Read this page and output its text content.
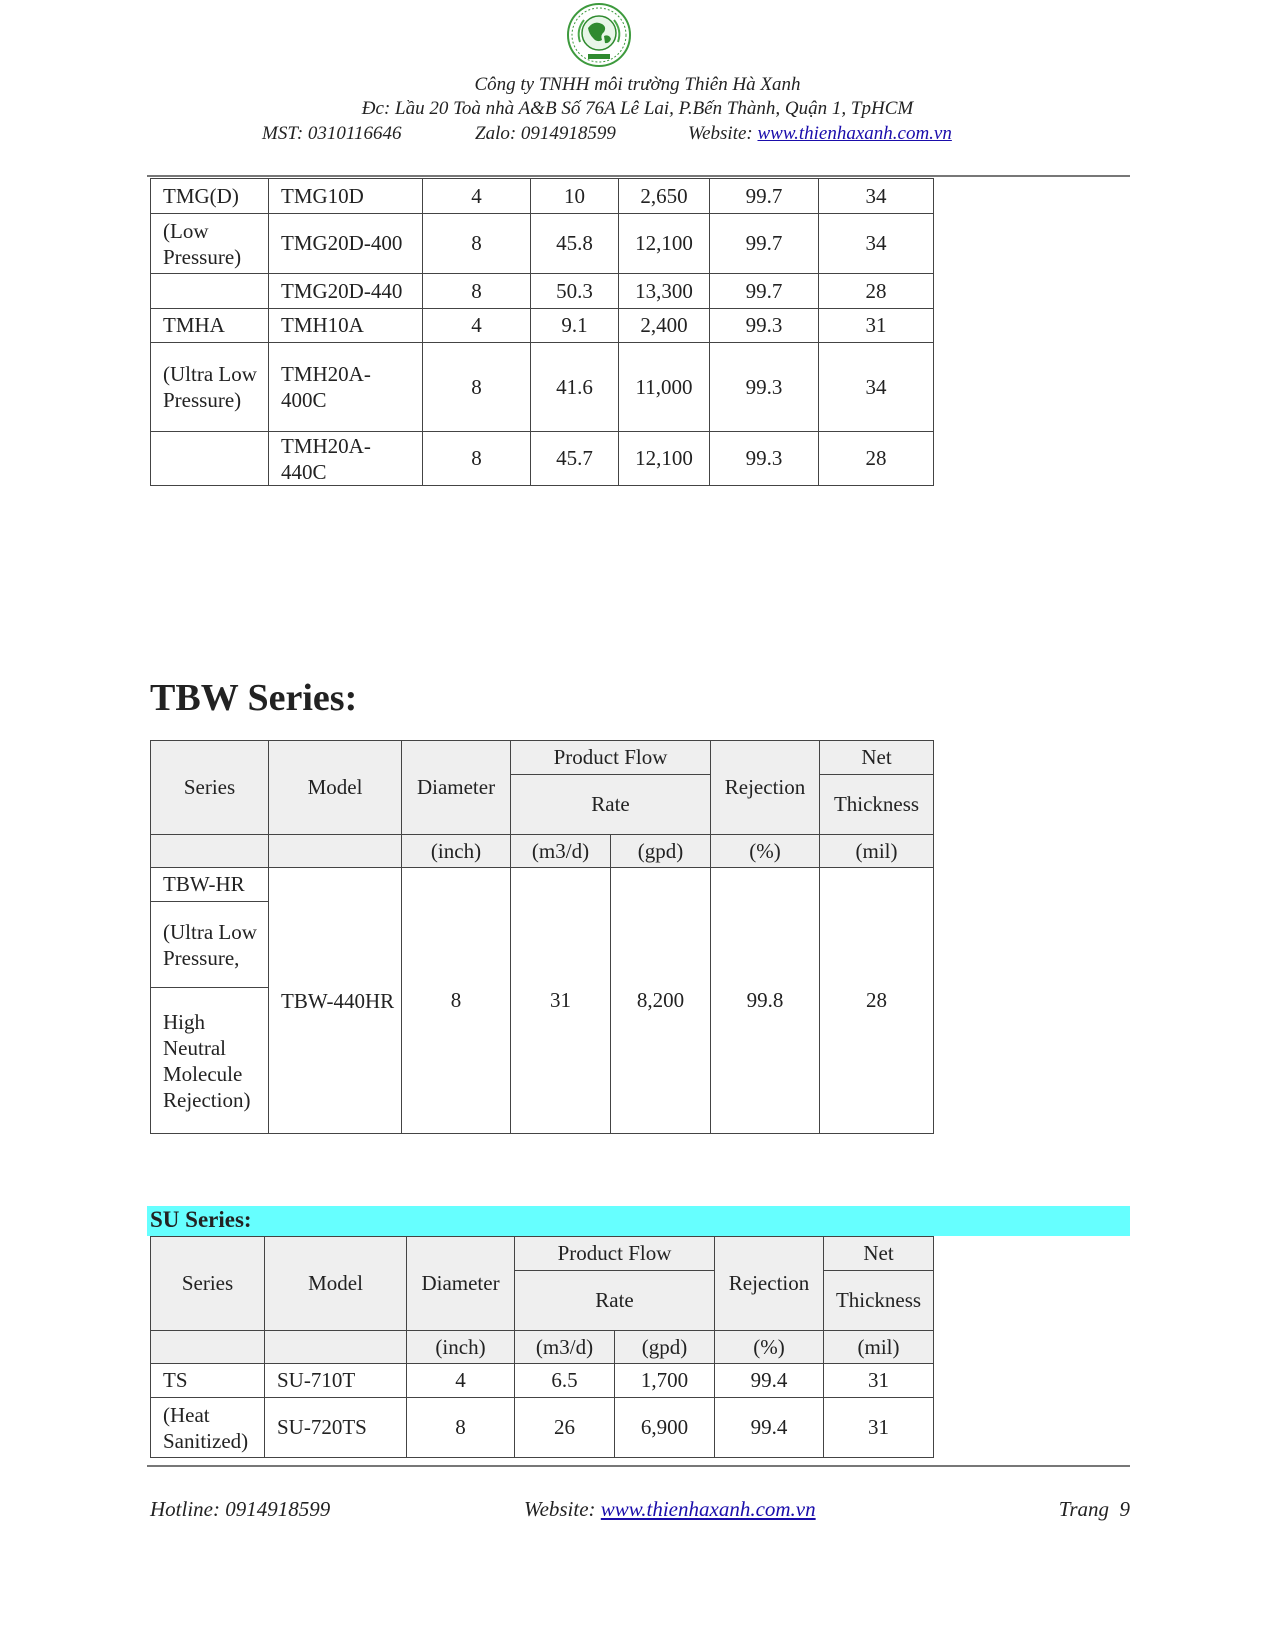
Công ty TNHH môi trường Thiên Hà Xanh
Đc: Lầu 20 Toà nhà A&B Số 76A Lê Lai, P.Bến Thành, Quận 1, TpHCM
MST: 0310116646	Zalo: 0914918599	Website: www.thienhaxanh.com.vn
TMG(D)	TMG10D	4	10	2,650	99.7	34
(Low Pressure)	TMG20D-400	8	45.8	12,100	99.7	34
	TMG20D-440	8	50.3	13,300	99.7	28
TMHA	TMH10A	4	9.1	2,400	99.3	31
(Ultra Low Pressure)	TMH20A-400C	8	41.6	11,000	99.3	34
	TMH20A-440C	8	45.7	12,100	99.3	28
TBW Series:
Series	Model	Diameter	Product Flow		Rejection	Net
			Rate			Thickness
		(inch)	(m3/d)	(gpd)	(%)	(mil)
TBW-HR	TBW-440HR	8	31	8,200	99.8	28
(Ultra Low Pressure,						
High Neutral Molecule Rejection)						
SU Series:
Series	Model	Diameter	Product Flow		Rejection	Net
			Rate			Thickness
		(inch)	(m3/d)	(gpd)	(%)	(mil)
TS	SU-710T	4	6.5	1,700	99.4	31
(Heat Sanitized)	SU-720TS	8	26	6,900	99.4	31
Hotline: 0914918599	Website: www.thienhaxanh.com.vn	Trang  9
